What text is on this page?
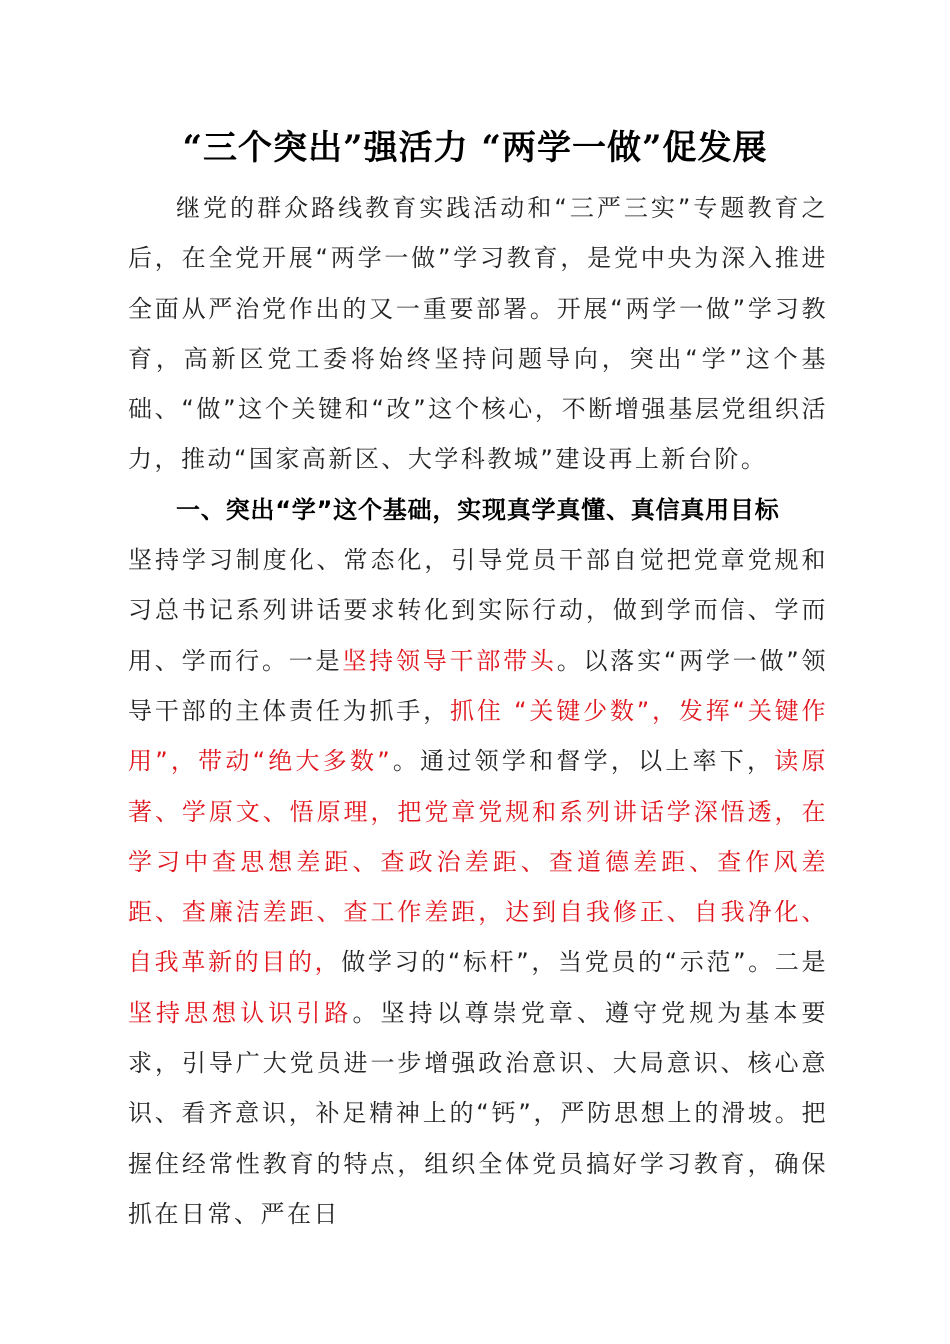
“三个突出”强活力 “两学一做”促发展

继党的群众路线教育实践活动和“三严三实”专题教育之后，在全党开展“两学一做”学习教育，是党中央为深入推进全面从严治党作出的又一重要部署。开展“两学一做”学习教育，高新区党工委将始终坚持问题导向，突出“学”这个基础、“做”这个关键和“改”这个核心，不断增强基层党组织活力，推动“国家高新区、大学科教城”建设再上新台阶。

一、突出“学”这个基础，实现真学真懂、真信真用目标

坚持学习制度化、常态化，引导党员干部自觉把党章党规和习总书记系列讲话要求转化到实际行动，做到学而信、学而用、学而行。一是坚持领导干部带头。以落实“两学一做”领导干部的主体责任为抓手，抓住 “关键少数”，发挥“关键作用”，带动“绝大多数”。通过领学和督学，以上率下，读原著、学原文、悟原理，把党章党规和系列讲话学深悟透，在学习中查思想差距、查政治差距、查道德差距、查作风差距、查廉洁差距、查工作差距，达到自我修正、自我净化、自我革新的目的，做学习的“标杆”，当党员的“示范”。二是坚持思想认识引路。坚持以尊崇党章、遵守党规为基本要求，引导广大党员进一步增强政治意识、大局意识、核心意识、看齐意识，补足精神上的“钙”，严防思想上的滑坡。把握住经常性教育的特点，组织全体党员搞好学习教育，确保抓在日常、严在日
